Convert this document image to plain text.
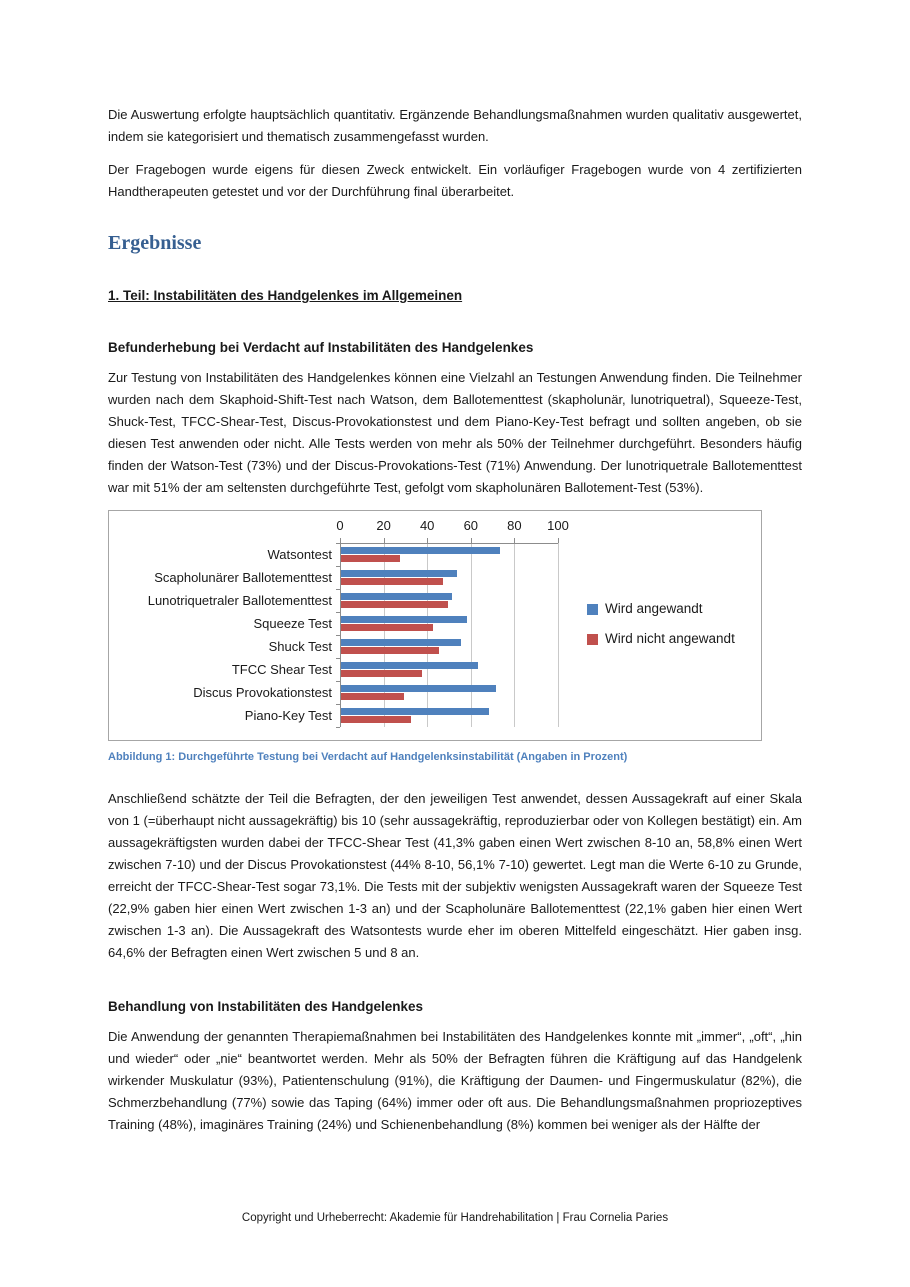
Die Auswertung erfolgte hauptsächlich quantitativ. Ergänzende Behandlungsmaßnahmen wurden qualitativ ausgewertet, indem sie kategorisiert und thematisch zusammengefasst wurden.

Der Fragebogen wurde eigens für diesen Zweck entwickelt. Ein vorläufiger Fragebogen wurde von 4 zertifizierten Handtherapeuten getestet und vor der Durchführung final überarbeitet.

Ergebnisse
1. Teil: Instabilitäten des Handgelenkes im Allgemeinen
Befunderhebung bei Verdacht auf Instabilitäten des Handgelenkes

Zur Testung von Instabilitäten des Handgelenkes können eine Vielzahl an Testungen Anwendung finden. Die Teilnehmer wurden nach dem Skaphoid-Shift-Test nach Watson, dem Ballotementtest (skapholunär, lunotriquetral), Squeeze-Test, Shuck-Test, TFCC-Shear-Test, Discus-Provokationstest und dem Piano-Key-Test befragt und sollten angeben, ob sie diesen Test anwenden oder nicht. Alle Tests werden von mehr als 50% der Teilnehmer durchgeführt. Besonders häufig finden der Watson-Test (73%) und der Discus-Provokations-Test (71%) Anwendung. Der lunotriquetrale Ballotementtest war mit 51% der am seltensten durchgeführte Test, gefolgt vom skapholunären Ballotement-Test (53%).

Wird angewandt
Wird nicht angewandt
0	20	40	60	80	100
Watsontest
Scapholunärer Ballotementtest
Lunotriquetraler Ballotementtest
Squeeze Test
Shuck Test
TFCC Shear Test
Discus Provokationstest
Piano-Key Test
Abbildung 1: Durchgeführte Testung bei Verdacht auf Handgelenksinstabilität (Angaben in Prozent)

Anschließend schätzte der Teil die Befragten, der den jeweiligen Test anwendet, dessen Aussagekraft auf einer Skala von 1 (=überhaupt nicht aussagekräftig) bis 10 (sehr aussagekräftig, reproduzierbar oder von Kollegen bestätigt) ein. Am aussagekräftigsten wurden dabei der TFCC-Shear Test (41,3% gaben einen Wert zwischen 8-10 an, 58,8% einen Wert zwischen 7-10) und der Discus Provokationstest (44% 8-10, 56,1% 7-10) gewertet. Legt man die Werte 6-10 zu Grunde, erreicht der TFCC-Shear-Test sogar 73,1%. Die Tests mit der subjektiv wenigsten Aussagekraft waren der Squeeze Test (22,9% gaben hier einen Wert zwischen 1-3 an) und der Scapholunäre Ballotementtest (22,1% gaben hier einen Wert zwischen 1-3 an). Die Aussagekraft des Watsontests wurde eher im oberen Mittelfeld eingeschätzt. Hier gaben insg. 64,6% der Befragten einen Wert zwischen 5 und 8 an.

Behandlung von Instabilitäten des Handgelenkes

Die Anwendung der genannten Therapiemaßnahmen bei Instabilitäten des Handgelenkes konnte mit „immer“, „oft“, „hin und wieder“ oder „nie“ beantwortet werden. Mehr als 50% der Befragten führen die Kräftigung auf das Handgelenk wirkender Muskulatur (93%), Patientenschulung (91%), die Kräftigung der Daumen- und Fingermuskulatur (82%), die Schmerzbehandlung (77%) sowie das Taping (64%) immer oder oft aus. Die Behandlungsmaßnahmen propriozeptives Training (48%), imaginäres Training (24%) und Schienenbehandlung (8%) kommen bei weniger als der Hälfte der

Copyright und Urheberrecht: Akademie für Handrehabilitation | Frau Cornelia Paries
